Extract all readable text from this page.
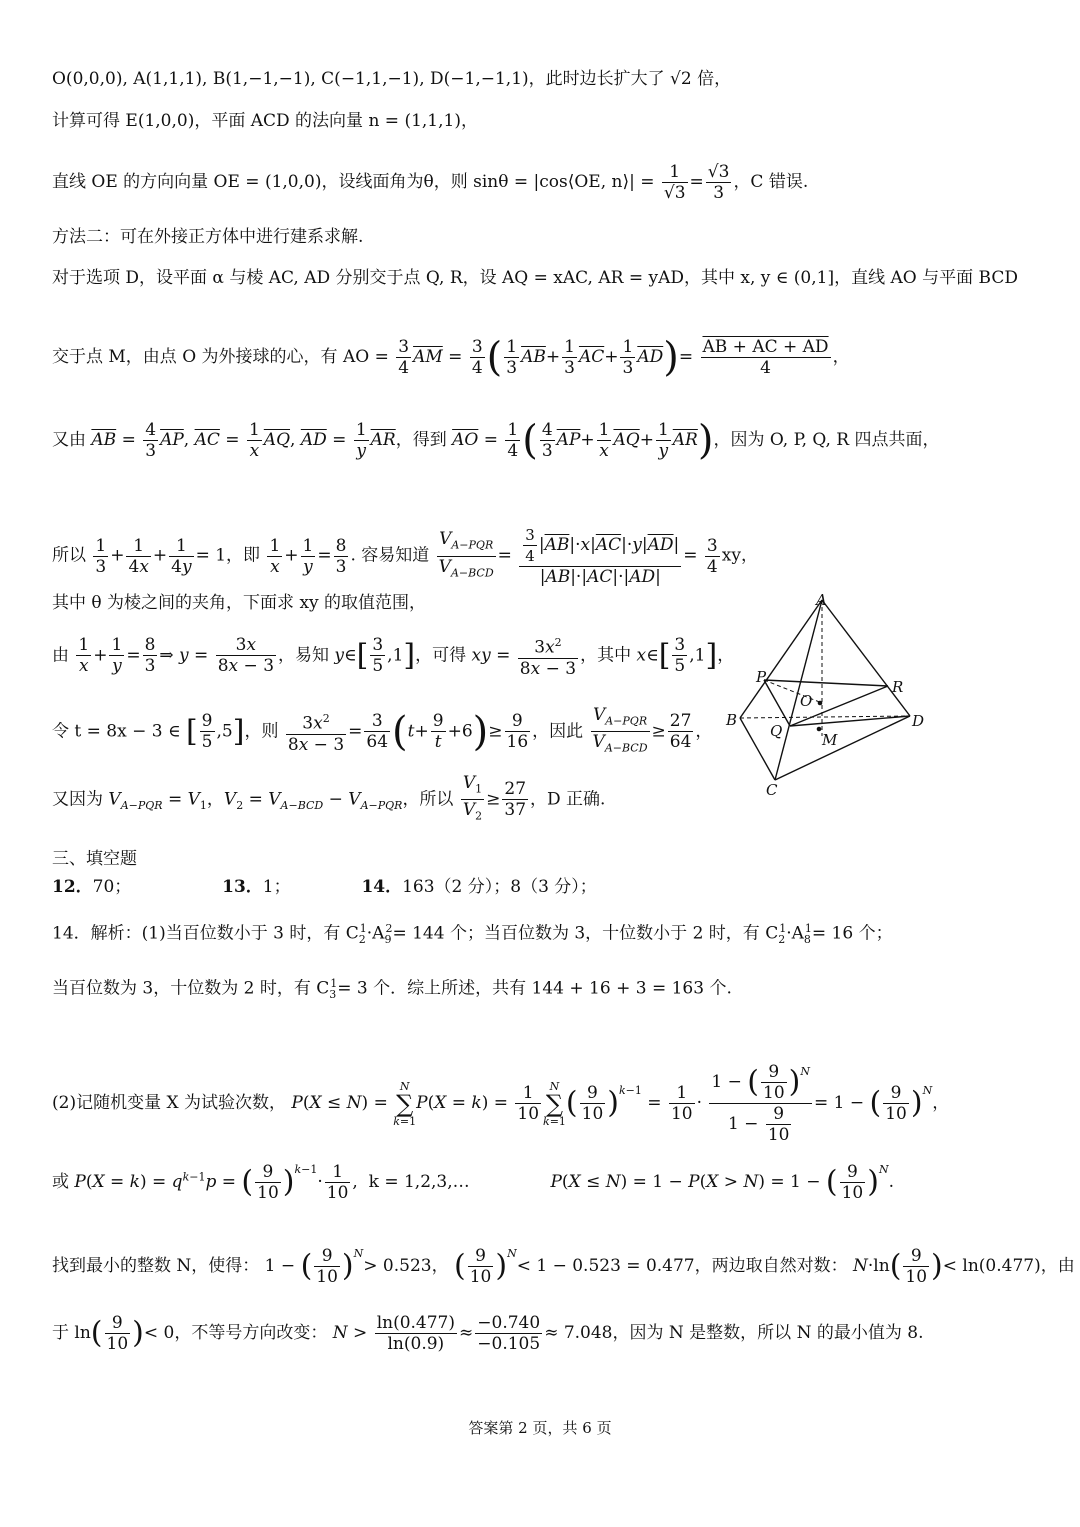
O(0,0,0), A(1,1,1), B(1,−1,−1), C(−1,1,−1), D(−1,−1,1)，此时边长扩大了 √2 倍，
计算可得 E(1,0,0)，平面 ACD 的法向量 n = (1,1,1)，
直线 OE 的方向向量 OE = (1,0,0)，设线面角为θ，则 sinθ = |cos⟨OE, n⟩| = $\frac{1}{√3} = \frac{√3}{3}$ ，C 错误.
方法二：可在外接正方体中进行建系求解.
对于选项 D，设平面 α 与棱 AC, AD 分别交于点 Q, R，设 AQ = xAC, AR = yAD，其中 x, y ∈ (0,1]，直线 AO 与平面 BCD
交于点 M，由点 O 为外接球的心，有 AO = $\frac{3}{4} \overline{AM} = \frac{3}{4}$ ( $\frac{1}{3} \overline{AB}+ \frac{1}{3} \overline{AC}+ \frac{1}{3} \overline{AD})= \frac{AB + AC + AD}{4}$ ，
又由 $\overline{AB} = \frac{4}{3} \overline{AP}$, $\overline{AC} = \frac{1}{x} \overline{AQ}$, $\overline{AD} = \frac{1}{y} \overline{AR}$，得到 $\overline{AO} = \frac{1}{4}$ ( $\frac{4}{3} \overline{AP}+ \frac{1}{x} \overline{AQ}+ \frac{1}{y} \overline{AR}$)，因为 O, P, Q, R 四点共面，
所以 $\frac{1}{3} + \frac{1}{4x} + \frac{1}{4y} = 1$，即 $\frac{1}{x} + \frac{1}{y} = \frac{8}{3}$ . 容易知道
$V_{A-PQR}$
$V_{A-BCD}$
= $\frac{\frac{3}{4} |\overline{AB}|\cdot x|\overline{AC}|\cdot y|\overline{AD}|}{|\overline{AB}|\cdot|\overline{AC}|\cdot|\overline{AD}|} = \frac{3}{4}$ xy，
其中 θ 为棱之间的夹角，下面求 xy 的取值范围，
由 $\frac{1}{x} + \frac{1}{y} = \frac{8}{3}$ ⇒ $y = \frac{3x}{8x - 3}$ ，易知 y∈[ $\frac{3}{5} ,1$]，可得 xy = $\frac{3x^2}{8x - 3}$ ，其中 x∈[ $\frac{3}{5} ,1$]，
令 t = 8x − 3 ∈ [ $\frac{9}{5} ,5$]，则 $\frac{3x^2}{8x - 3} = \frac{3}{64} (t+ \frac{9}{t} +6)\ge \frac{9}{16}$ ，因此
$V_{A-PQR}$
$V_{A-BCD}$
≥ $\frac{27}{64}$ ，
又因为 $V_{A-PQR} = V_1$，$V_2 = V_{A-BCD} - V_{A-PQR}$，所以 $\frac{V_1}{V_2} \ge \frac{27}{37}$ ，D 正确.
A
P
R
O
B
Q	M
D
C
三、填空题
12．70；	13．1；	14．163（2 分）；8（3 分）；
14．解析：(1)当百位数小于 3 时，有 $C_2^1\cdot A_9^2= 144$ 个；当百位数为 3，十位数小于 2 时，有 $C_2^1\cdot A_8^1= 16$ 个；
当百位数为 3，十位数为 2 时，有 $C_3^1= 3$ 个．综上所述，共有 144 + 16 + 3 = 163 个.
(2)记随机变量 X 为试验次数， P(X ≤ N) = N
∑
$k=1P(X = k) = \frac{1}{10}$ N
∑
$k=1( \frac{9}{10} )^{k-1} = \frac{1}{10} \cdot \frac{1 - ( \frac{9}{10} )^N}{1 - \frac{9}{10}} = 1$ − ( $\frac{9}{10} )^N$，
或 $P(X = k) = q^{k-1}p$ = ( $\frac{9}{10} )^{k-1}\cdot \frac{1}{10}$ ,  k = 1,2,3,…	P(X ≤ N) = 1 − P(X > N) = 1 − ( $\frac{9}{10} )^N$.
找到最小的整数 N，使得： 1 − ( $\frac{9}{10} )^N> 0.523$， ( $\frac{9}{10} )^N< 1 - 0.523 = 0.477$，两边取自然对数： $N\cdot\ln( \frac{9}{10}$ )< ln(0.477)，由
于 $\ln( \frac{9}{10}$ )< 0，不等号方向改变： $N > \frac{\ln(0.477)}{\ln(0.9)} \approx \frac{-0.740}{-0.105} \approx 7.048$，因为 N 是整数，所以 N 的最小值为 8.
答案第 2 页，共 6 页
